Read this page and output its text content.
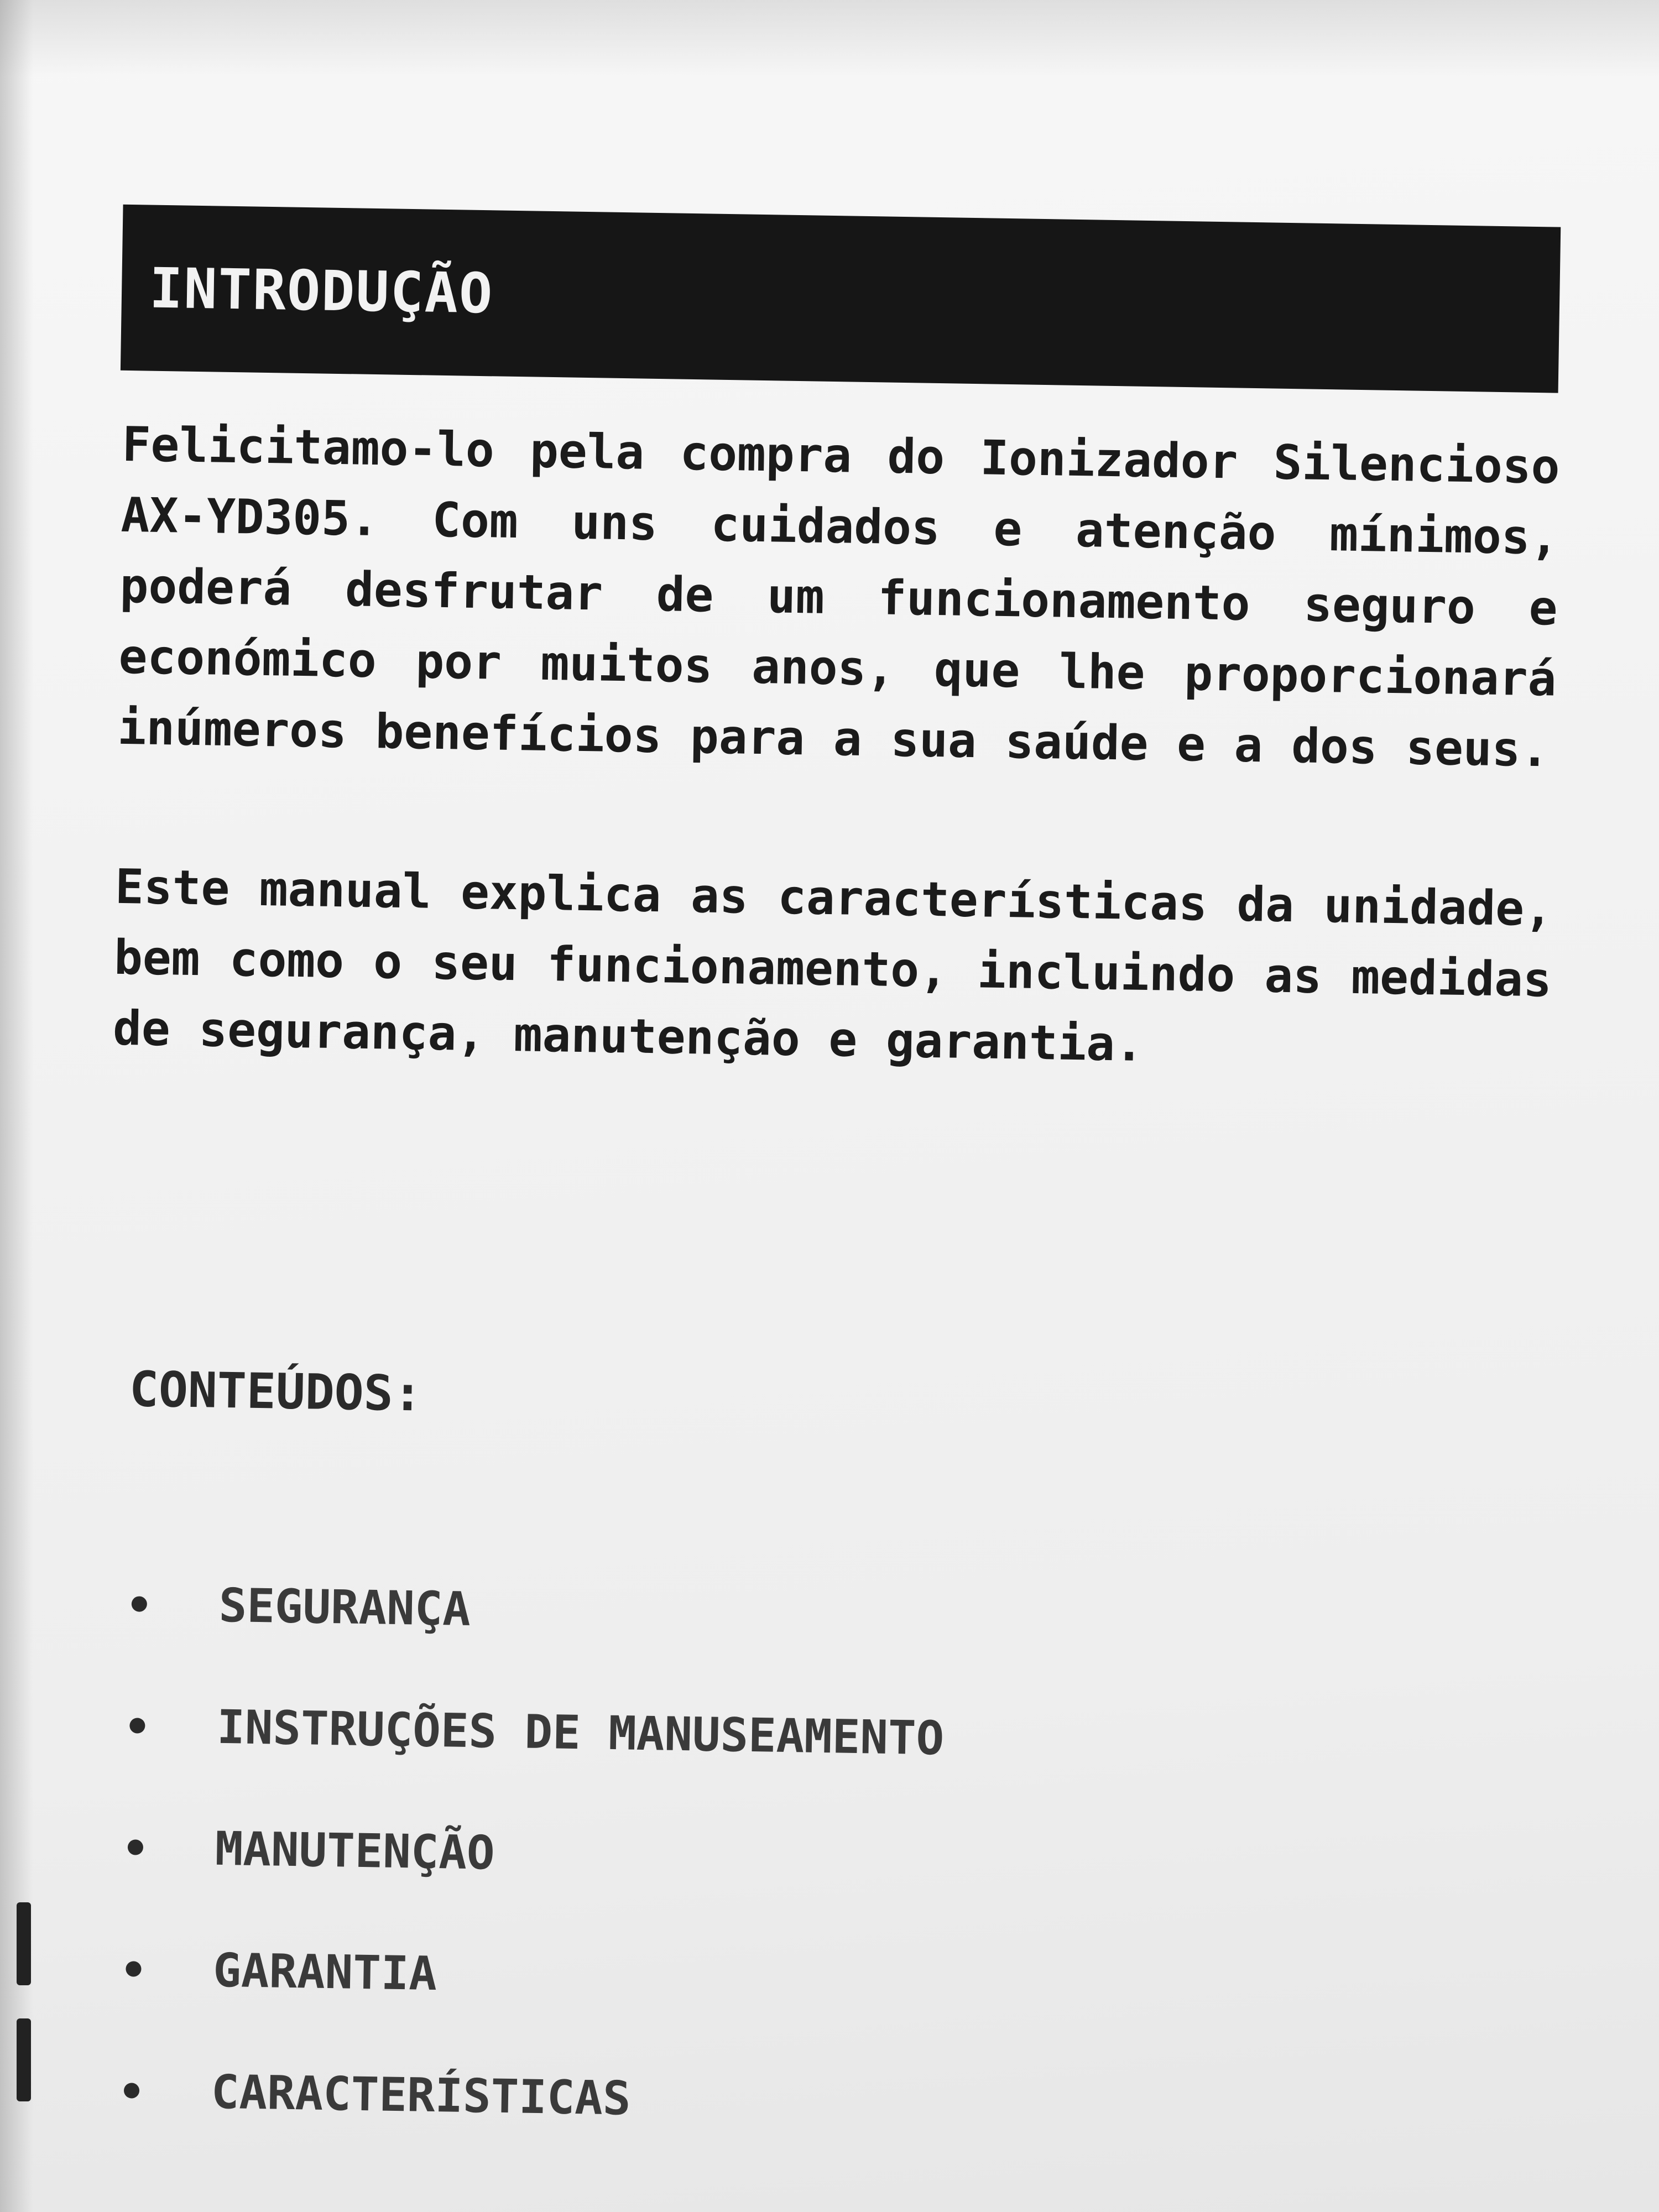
INTRODUÇÃO

Felicitamo-lo pela compra do Ionizador Silencioso AX-YD305. Com uns cuidados e atenção mínimos, poderá desfrutar de um funcionamento seguro e económico por muitos anos, que lhe proporcionará inúmeros benefícios para a sua saúde e a dos seus.

Este manual explica as características da unidade, bem como o seu funcionamento, incluindo as medidas de segurança, manutenção e garantia.

CONTEÚDOS:

SEGURANÇA
INSTRUÇÕES DE MANUSEAMENTO
MANUTENÇÃO
GARANTIA
CARACTERÍSTICAS
